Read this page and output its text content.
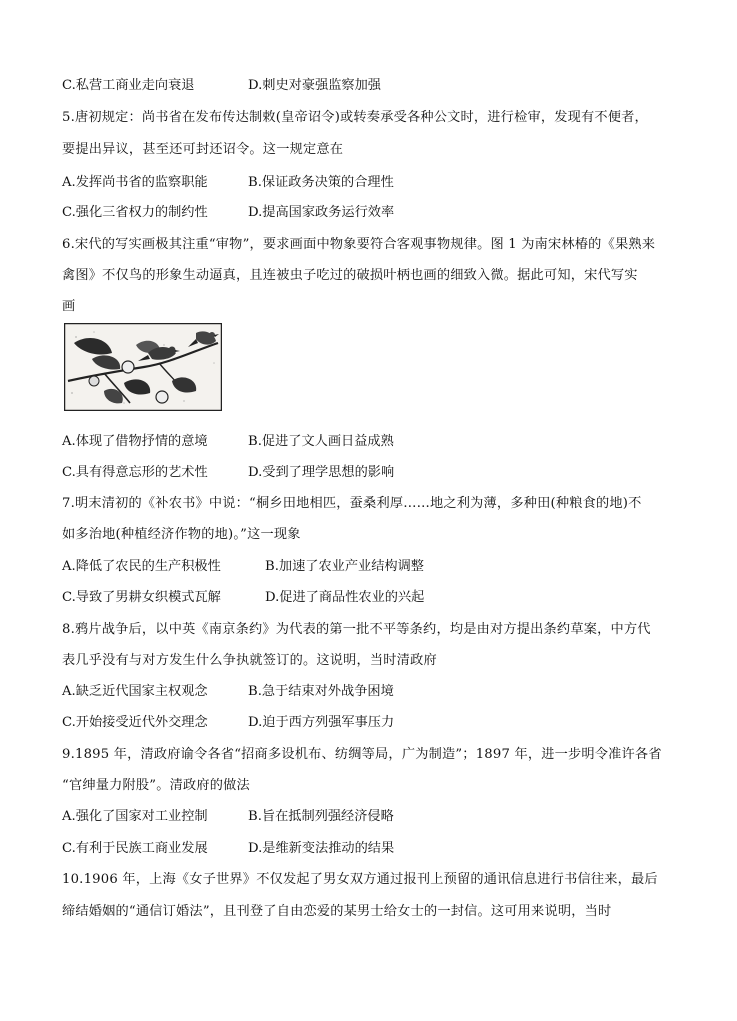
C.私营工商业走向衰退	D.刺史对豪强监察加强
5.唐初规定：尚书省在发布传达制敕(皇帝诏令)或转奏承受各种公文时，进行检审，发现有不便者，
要提出异议，甚至还可封还诏令。这一规定意在
A.发挥尚书省的监察职能	B.保证政务决策的合理性
C.强化三省权力的制约性	D.提高国家政务运行效率
6.宋代的写实画极其注重“审物”，要求画面中物象要符合客观事物规律。图 1 为南宋林椿的《果熟来
禽图》不仅鸟的形象生动逼真，且连被虫子吃过的破损叶柄也画的细致入微。据此可知，宋代写实
画
A.体现了借物抒情的意境	B.促进了文人画日益成熟
C.具有得意忘形的艺术性	D.受到了理学思想的影响
7.明末清初的《补农书》中说：“桐乡田地相匹，蚕桑利厚……地之利为薄，多种田(种粮食的地)不
如多治地(种植经济作物的地)。”这一现象
A.降低了农民的生产积极性	B.加速了农业产业结构调整
C.导致了男耕女织模式瓦解	D.促进了商品性农业的兴起
8.鸦片战争后，以中英《南京条约》为代表的第一批不平等条约，均是由对方提出条约草案，中方代
表几乎没有与对方发生什么争执就签订的。这说明，当时清政府
A.缺乏近代国家主权观念	B.急于结束对外战争困境
C.开始接受近代外交理念	D.迫于西方列强军事压力
9.1895 年，清政府谕令各省“招商多设机布、纺绸等局，广为制造”；1897 年，进一步明令准许各省
“官绅量力附股”。清政府的做法
A.强化了国家对工业控制	B.旨在抵制列强经济侵略
C.有利于民族工商业发展	D.是维新变法推动的结果
10.1906 年，上海《女子世界》不仅发起了男女双方通过报刊上预留的通讯信息进行书信往来，最后
缔结婚姻的“通信订婚法”，且刊登了自由恋爱的某男士给女士的一封信。这可用来说明，当时
